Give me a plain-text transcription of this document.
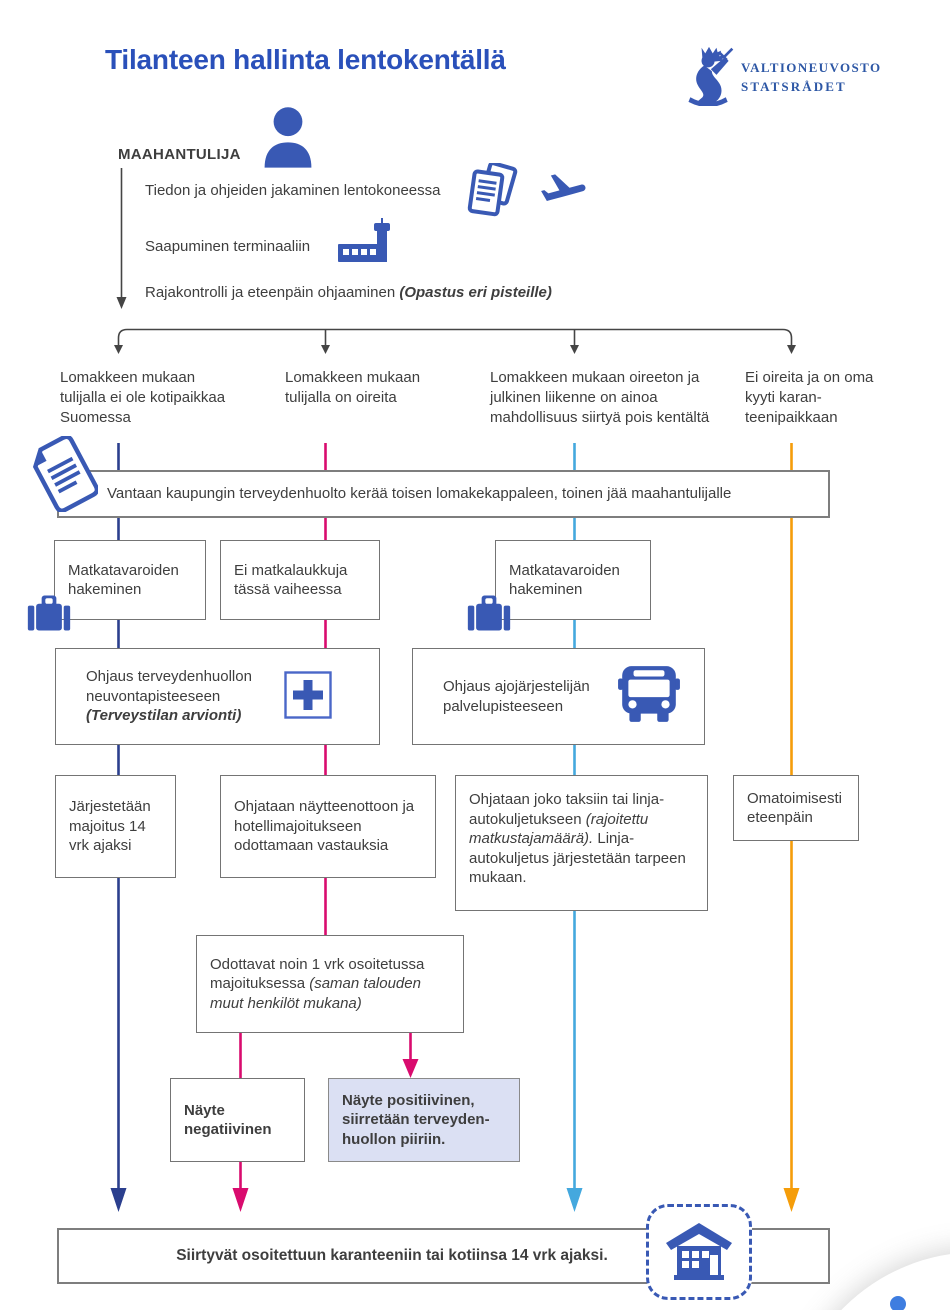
Tilanteen hallinta lentokentällä	VALTIONEUVOSTO
STATSRÅDET
MAAHANTULIJA
Tiedon ja ohjeiden jakaminen lentokoneessa
Saapuminen terminaaliin
Rajakontrolli ja eteenpäin ohjaaminen (Opastus eri pisteille)
Lomakkeen mukaan tulijalla ei ole kotipaikkaa Suomessa
Lomakkeen mukaan tulijalla on oireita
Lomakkeen mukaan oireeton ja julkinen liikenne on ainoa mahdollisuus siirtyä pois kentältä
Ei oireita ja on oma kyyti karan-teenipaikkaan
Vantaan kaupungin terveydenhuolto kerää toisen lomakekappaleen, toinen jää maahantulijalle
Matkatavaroiden hakeminen
Ei matkalaukkuja tässä vaiheessa
Matkatavaroiden hakeminen
Ohjaus terveydenhuollon neuvontapisteeseen
(Terveystilan arvionti)
Ohjaus ajojärjestelijän palvelupisteeseen
Järjestetään majoitus 14 vrk ajaksi
Ohjataan näytteenottoon ja hotellimajoitukseen odottamaan vastauksia
Ohjataan joko taksiin tai linja-autokuljetukseen (rajoitettu matkustajamäärä). Linja-autokuljetus järjestetään tarpeen mukaan.
Omatoimisesti eteenpäin
Odottavat noin 1 vrk osoitetussa majoituksessa (saman talouden muut henkilöt mukana)
Näyte negatiivinen
Näyte positiivinen, siirretään terveyden-huollon piiriin.
Siirtyvät osoitettuun karanteeniin tai kotiinsa 14 vrk ajaksi.
